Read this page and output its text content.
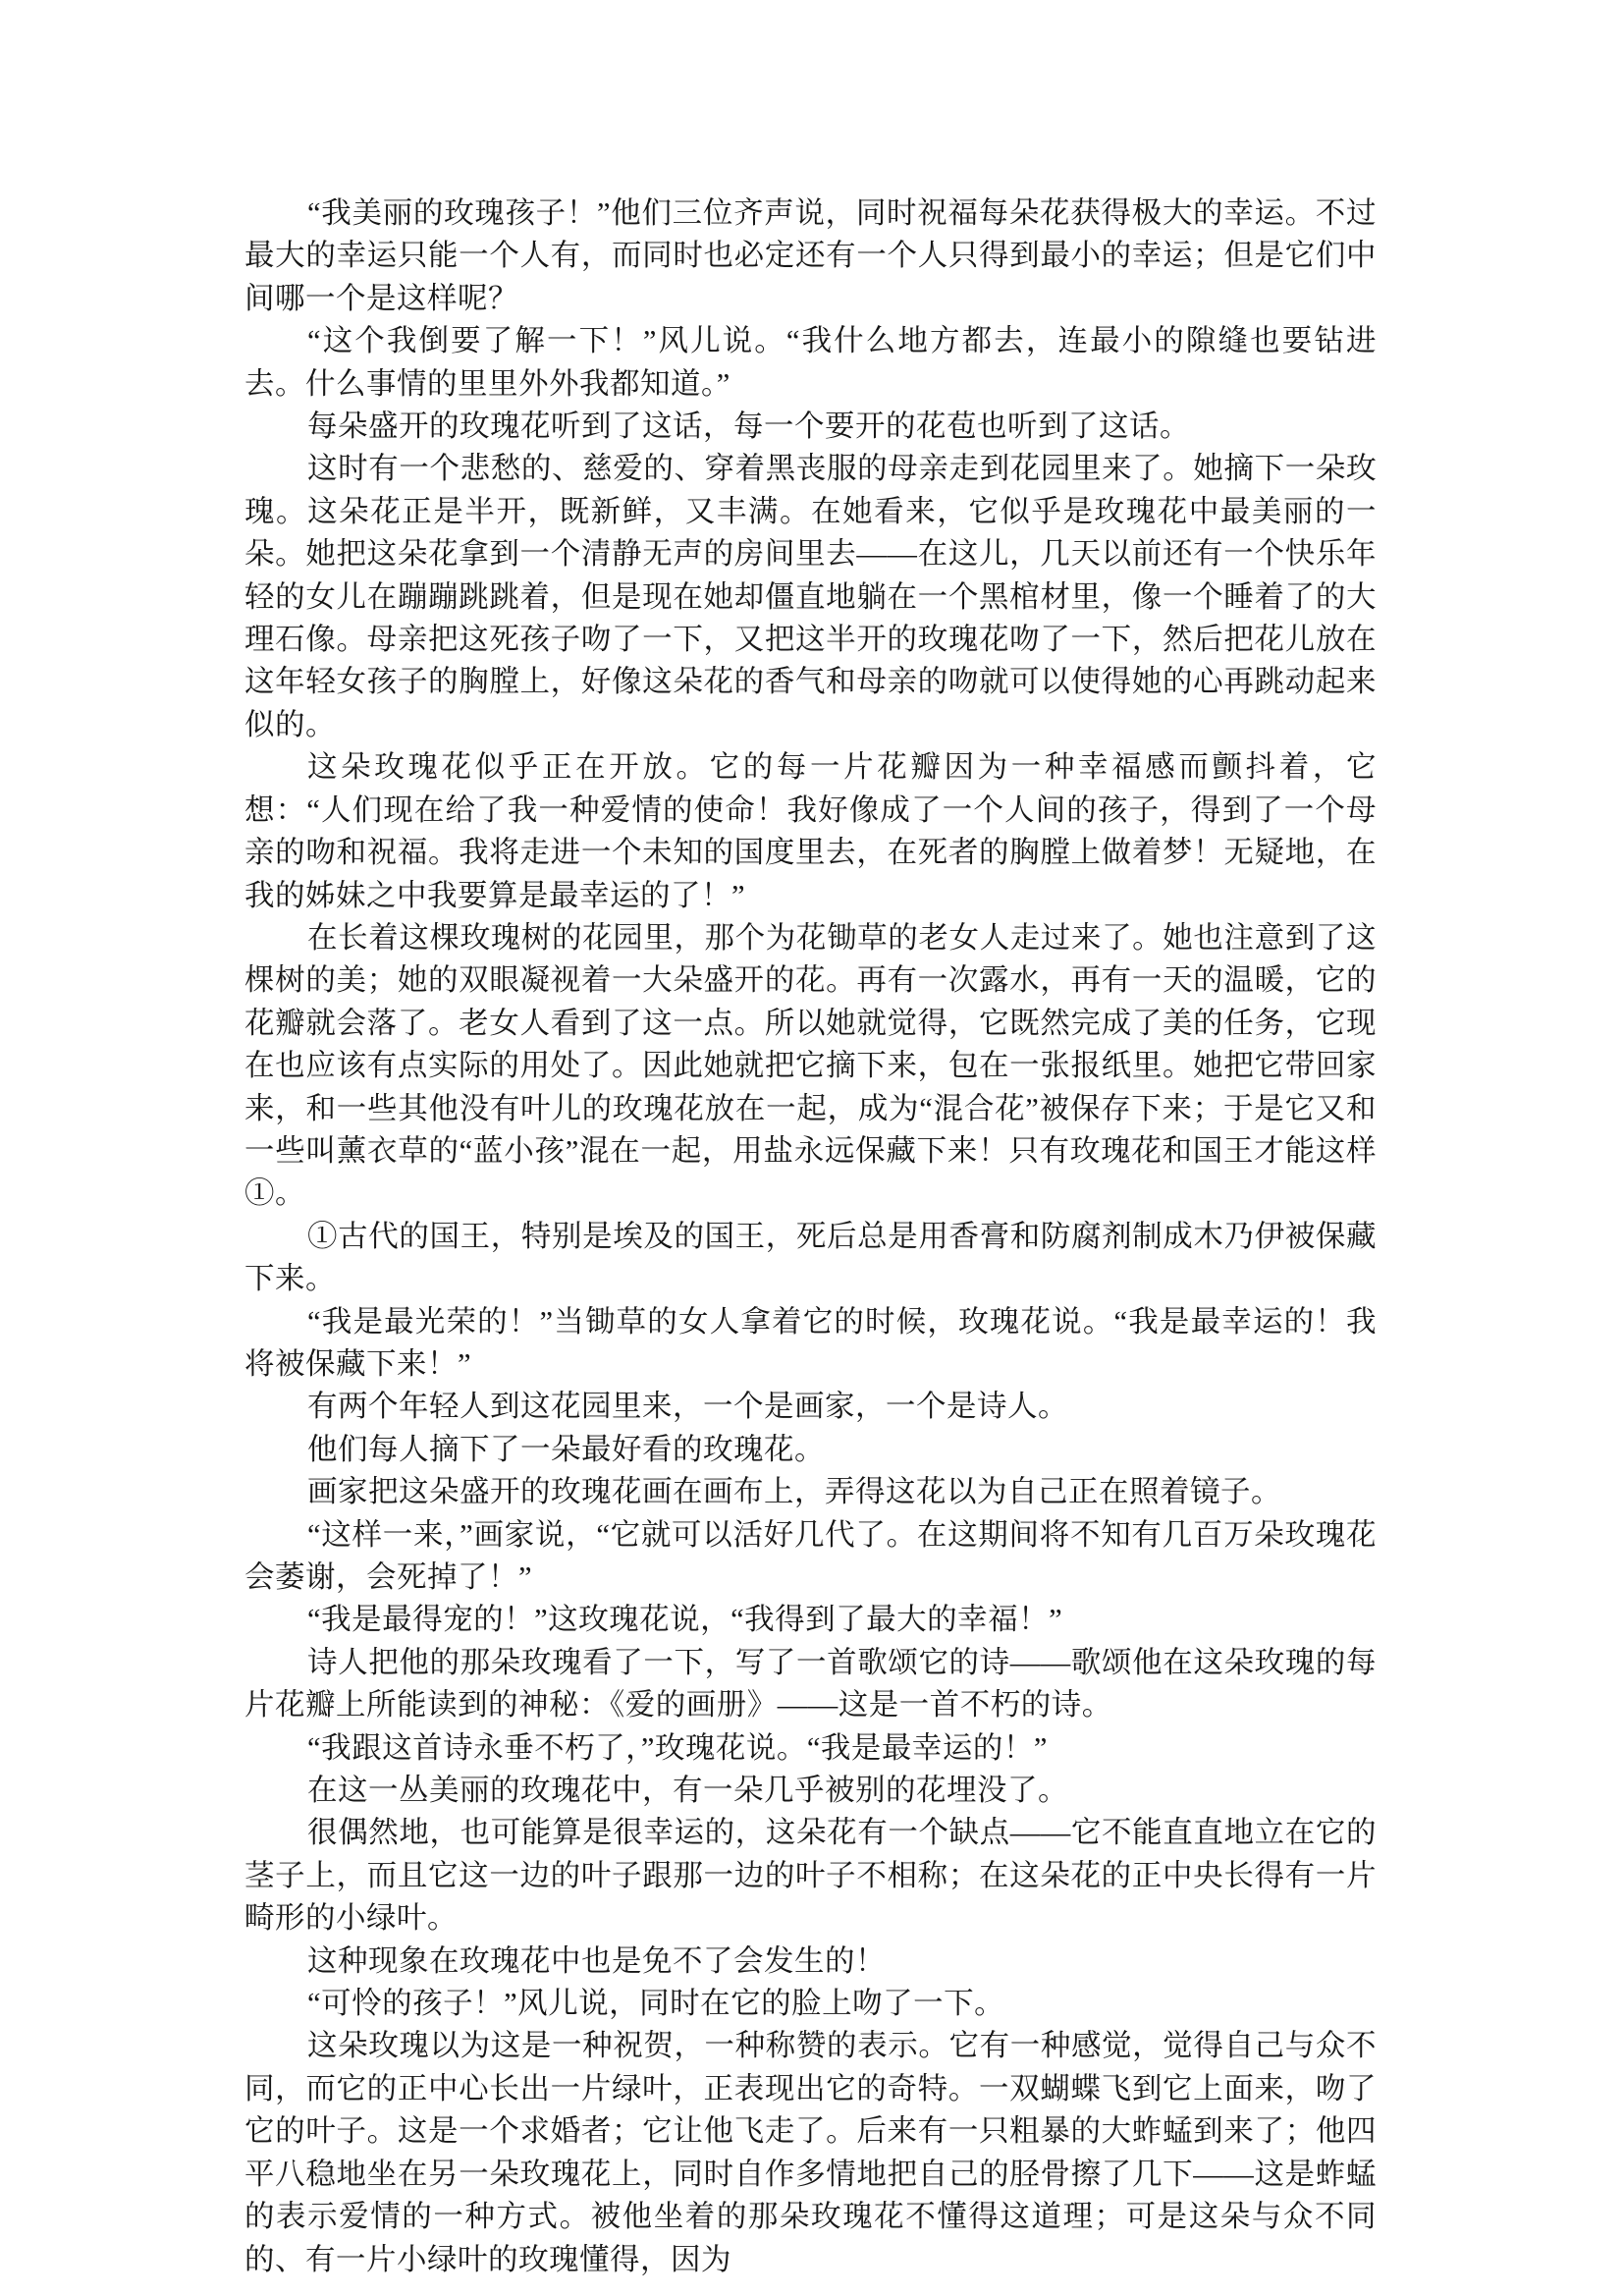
“我美丽的玫瑰孩子！”他们三位齐声说，同时祝福每朵花获得极大的幸运。不过最大的幸运只能一个人有，而同时也必定还有一个人只得到最小的幸运；但是它们中间哪一个是这样呢？

“这个我倒要了解一下！”风儿说。“我什么地方都去，连最小的隙缝也要钻进去。什么事情的里里外外我都知道。”

每朵盛开的玫瑰花听到了这话，每一个要开的花苞也听到了这话。

这时有一个悲愁的、慈爱的、穿着黑丧服的母亲走到花园里来了。她摘下一朵玫瑰。这朵花正是半开，既新鲜，又丰满。在她看来，它似乎是玫瑰花中最美丽的一朵。她把这朵花拿到一个清静无声的房间里去——在这儿，几天以前还有一个快乐年轻的女儿在蹦蹦跳跳着，但是现在她却僵直地躺在一个黑棺材里，像一个睡着了的大理石像。母亲把这死孩子吻了一下，又把这半开的玫瑰花吻了一下，然后把花儿放在这年轻女孩子的胸膛上，好像这朵花的香气和母亲的吻就可以使得她的心再跳动起来似的。

这朵玫瑰花似乎正在开放。它的每一片花瓣因为一种幸福感而颤抖着，它想：“人们现在给了我一种爱情的使命！我好像成了一个人间的孩子，得到了一个母亲的吻和祝福。我将走进一个未知的国度里去，在死者的胸膛上做着梦！无疑地，在我的姊妹之中我要算是最幸运的了！”

在长着这棵玫瑰树的花园里，那个为花锄草的老女人走过来了。她也注意到了这棵树的美；她的双眼凝视着一大朵盛开的花。再有一次露水，再有一天的温暖，它的花瓣就会落了。老女人看到了这一点。所以她就觉得，它既然完成了美的任务，它现在也应该有点实际的用处了。因此她就把它摘下来，包在一张报纸里。她把它带回家来，和一些其他没有叶儿的玫瑰花放在一起，成为“混合花”被保存下来；于是它又和一些叫薰衣草的“蓝小孩”混在一起，用盐永远保藏下来！只有玫瑰花和国王才能这样①。

①古代的国王，特别是埃及的国王，死后总是用香膏和防腐剂制成木乃伊被保藏下来。

“我是最光荣的！”当锄草的女人拿着它的时候，玫瑰花说。“我是最幸运的！我将被保藏下来！”

有两个年轻人到这花园里来，一个是画家，一个是诗人。

他们每人摘下了一朵最好看的玫瑰花。

画家把这朵盛开的玫瑰花画在画布上，弄得这花以为自己正在照着镜子。

“这样一来，”画家说，“它就可以活好几代了。在这期间将不知有几百万朵玫瑰花会萎谢，会死掉了！”

“我是最得宠的！”这玫瑰花说，“我得到了最大的幸福！”

诗人把他的那朵玫瑰看了一下，写了一首歌颂它的诗——歌颂他在这朵玫瑰的每片花瓣上所能读到的神秘：《爱的画册》——这是一首不朽的诗。

“我跟这首诗永垂不朽了，”玫瑰花说。“我是最幸运的！”

在这一丛美丽的玫瑰花中，有一朵几乎被别的花埋没了。

很偶然地，也可能算是很幸运的，这朵花有一个缺点——它不能直直地立在它的茎子上，而且它这一边的叶子跟那一边的叶子不相称；在这朵花的正中央长得有一片畸形的小绿叶。

这种现象在玫瑰花中也是免不了会发生的！

“可怜的孩子！”风儿说，同时在它的脸上吻了一下。

这朵玫瑰以为这是一种祝贺，一种称赞的表示。它有一种感觉，觉得自己与众不同，而它的正中心长出一片绿叶，正表现出它的奇特。一双蝴蝶飞到它上面来，吻了它的叶子。这是一个求婚者；它让他飞走了。后来有一只粗暴的大蚱蜢到来了；他四平八稳地坐在另一朵玫瑰花上，同时自作多情地把自己的胫骨擦了几下——这是蚱蜢的表示爱情的一种方式。被他坐着的那朵玫瑰花不懂得这道理；可是这朵与众不同的、有一片小绿叶的玫瑰懂得，因为
